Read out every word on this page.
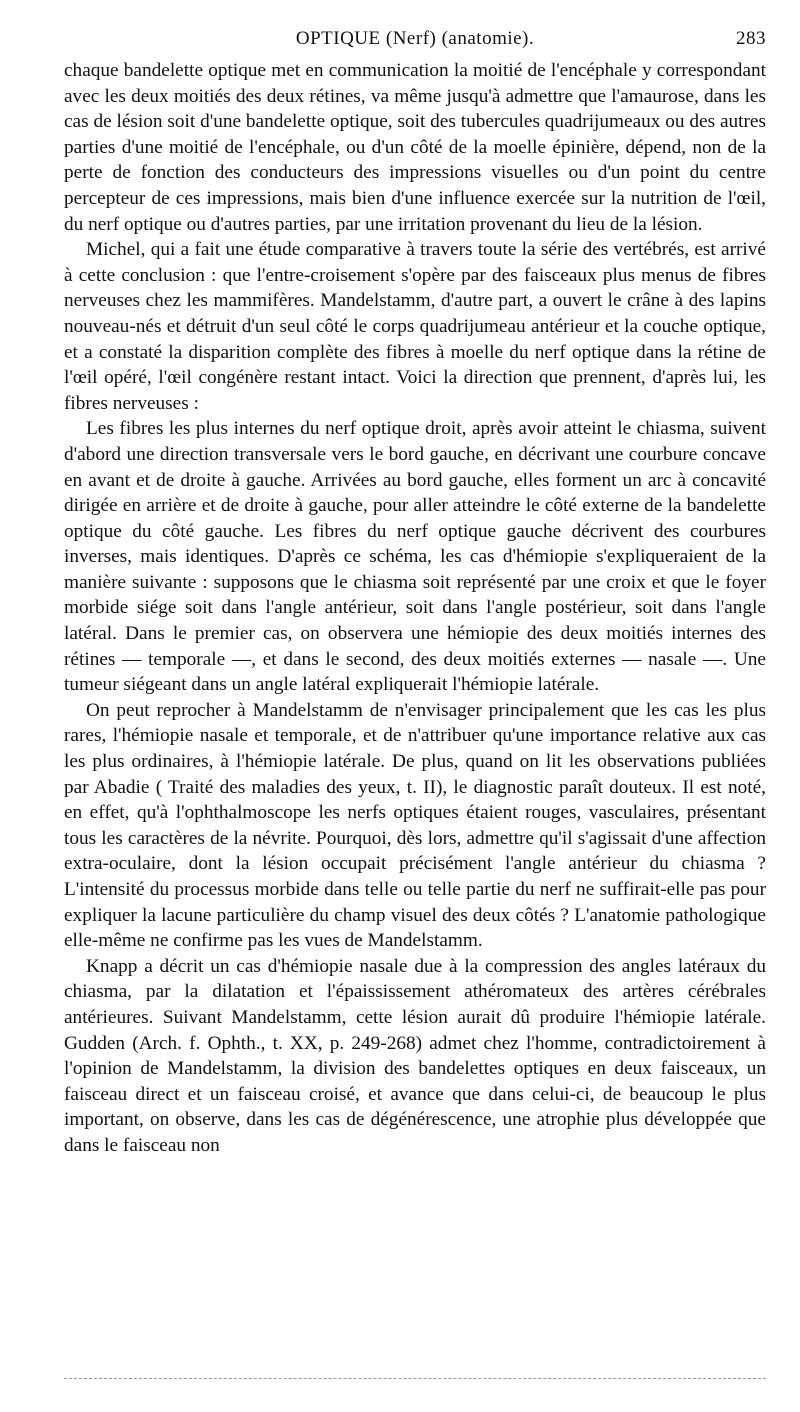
OPTIQUE (Nerf) (anatomie).	283

chaque bandelette optique met en communication la moitié de l'encéphale y correspondant avec les deux moitiés des deux rétines, va même jusqu'à admettre que l'amaurose, dans les cas de lésion soit d'une bandelette optique, soit des tubercules quadrijumeaux ou des autres parties d'une moitié de l'encéphale, ou d'un côté de la moelle épinière, dépend, non de la perte de fonction des conducteurs des impressions visuelles ou d'un point du centre percepteur de ces impressions, mais bien d'une influence exercée sur la nutrition de l'œil, du nerf optique ou d'autres parties, par une irritation provenant du lieu de la lésion.

Michel, qui a fait une étude comparative à travers toute la série des vertébrés, est arrivé à cette conclusion : que l'entre-croisement s'opère par des faisceaux plus menus de fibres nerveuses chez les mammifères. Mandelstamm, d'autre part, a ouvert le crâne à des lapins nouveau-nés et détruit d'un seul côté le corps quadrijumeau antérieur et la couche optique, et a constaté la disparition complète des fibres à moelle du nerf optique dans la rétine de l'œil opéré, l'œil congénère restant intact. Voici la direction que prennent, d'après lui, les fibres nerveuses :

Les fibres les plus internes du nerf optique droit, après avoir atteint le chiasma, suivent d'abord une direction transversale vers le bord gauche, en décrivant une courbure concave en avant et de droite à gauche. Arrivées au bord gauche, elles forment un arc à concavité dirigée en arrière et de droite à gauche, pour aller atteindre le côté externe de la bandelette optique du côté gauche. Les fibres du nerf optique gauche décrivent des courbures inverses, mais identiques. D'après ce schéma, les cas d'hémiopie s'expliqueraient de la manière suivante : supposons que le chiasma soit représenté par une croix et que le foyer morbide siége soit dans l'angle antérieur, soit dans l'angle postérieur, soit dans l'angle latéral. Dans le premier cas, on observera une hémiopie des deux moitiés internes des rétines — temporale —, et dans le second, des deux moitiés externes — nasale —. Une tumeur siégeant dans un angle latéral expliquerait l'hémiopie latérale.

On peut reprocher à Mandelstamm de n'envisager principalement que les cas les plus rares, l'hémiopie nasale et temporale, et de n'attribuer qu'une importance relative aux cas les plus ordinaires, à l'hémiopie latérale. De plus, quand on lit les observations publiées par Abadie ( Traité des maladies des yeux, t. II), le diagnostic paraît douteux. Il est noté, en effet, qu'à l'ophthalmoscope les nerfs optiques étaient rouges, vasculaires, présentant tous les caractères de la névrite. Pourquoi, dès lors, admettre qu'il s'agissait d'une affection extra-oculaire, dont la lésion occupait précisément l'angle antérieur du chiasma ? L'intensité du processus morbide dans telle ou telle partie du nerf ne suffirait-elle pas pour expliquer la lacune particulière du champ visuel des deux côtés ? L'anatomie pathologique elle-même ne confirme pas les vues de Mandelstamm.

Knapp a décrit un cas d'hémiopie nasale due à la compression des angles latéraux du chiasma, par la dilatation et l'épaississement athéromateux des artères cérébrales antérieures. Suivant Mandelstamm, cette lésion aurait dû produire l'hémiopie latérale. Gudden (Arch. f. Ophth., t. XX, p. 249-268) admet chez l'homme, contradictoirement à l'opinion de Mandelstamm, la division des bandelettes optiques en deux faisceaux, un faisceau direct et un faisceau croisé, et avance que dans celui-ci, de beaucoup le plus important, on observe, dans les cas de dégénérescence, une atrophie plus développée que dans le faisceau non
